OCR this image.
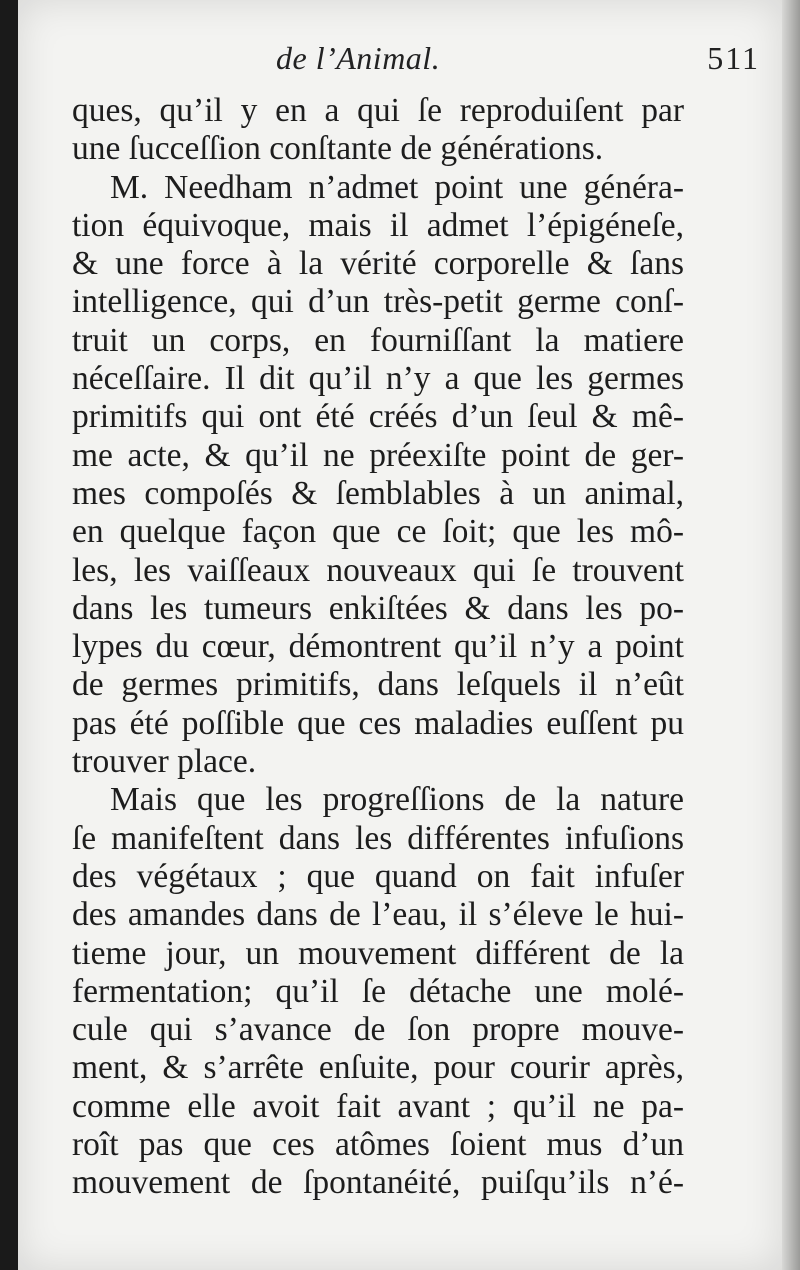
de l’Animal.	511
ques, qu’il y en a qui ſe reproduiſent par
une ſucceſſion conſtante de générations.
M. Needham n’admet point une généra-
tion équivoque, mais il admet l’épigéneſe,
& une force à la vérité corporelle & ſans
intelligence, qui d’un très-petit germe conſ-
truit un corps, en fourniſſant la matiere
néceſſaire. Il dit qu’il n’y a que les germes
primitifs qui ont été créés d’un ſeul & mê-
me acte, & qu’il ne préexiſte point de ger-
mes compoſés & ſemblables à un animal,
en quelque façon que ce ſoit; que les mô-
les, les vaiſſeaux nouveaux qui ſe trouvent
dans les tumeurs enkiſtées & dans les po-
lypes du cœur, démontrent qu’il n’y a point
de germes primitifs, dans leſquels il n’eût
pas été poſſible que ces maladies euſſent pu
trouver place.
Mais que les progreſſions de la nature
ſe manifeſtent dans les différentes infuſions
des végétaux ; que quand on fait infuſer
des amandes dans de l’eau, il s’éleve le hui-
tieme jour, un mouvement différent de la
fermentation; qu’il ſe détache une molé-
cule qui s’avance de ſon propre mouve-
ment, & s’arrête enſuite, pour courir après,
comme elle avoit fait avant ; qu’il ne pa-
roît pas que ces atômes ſoient mus d’un
mouvement de ſpontanéité, puiſqu’ils n’é-
